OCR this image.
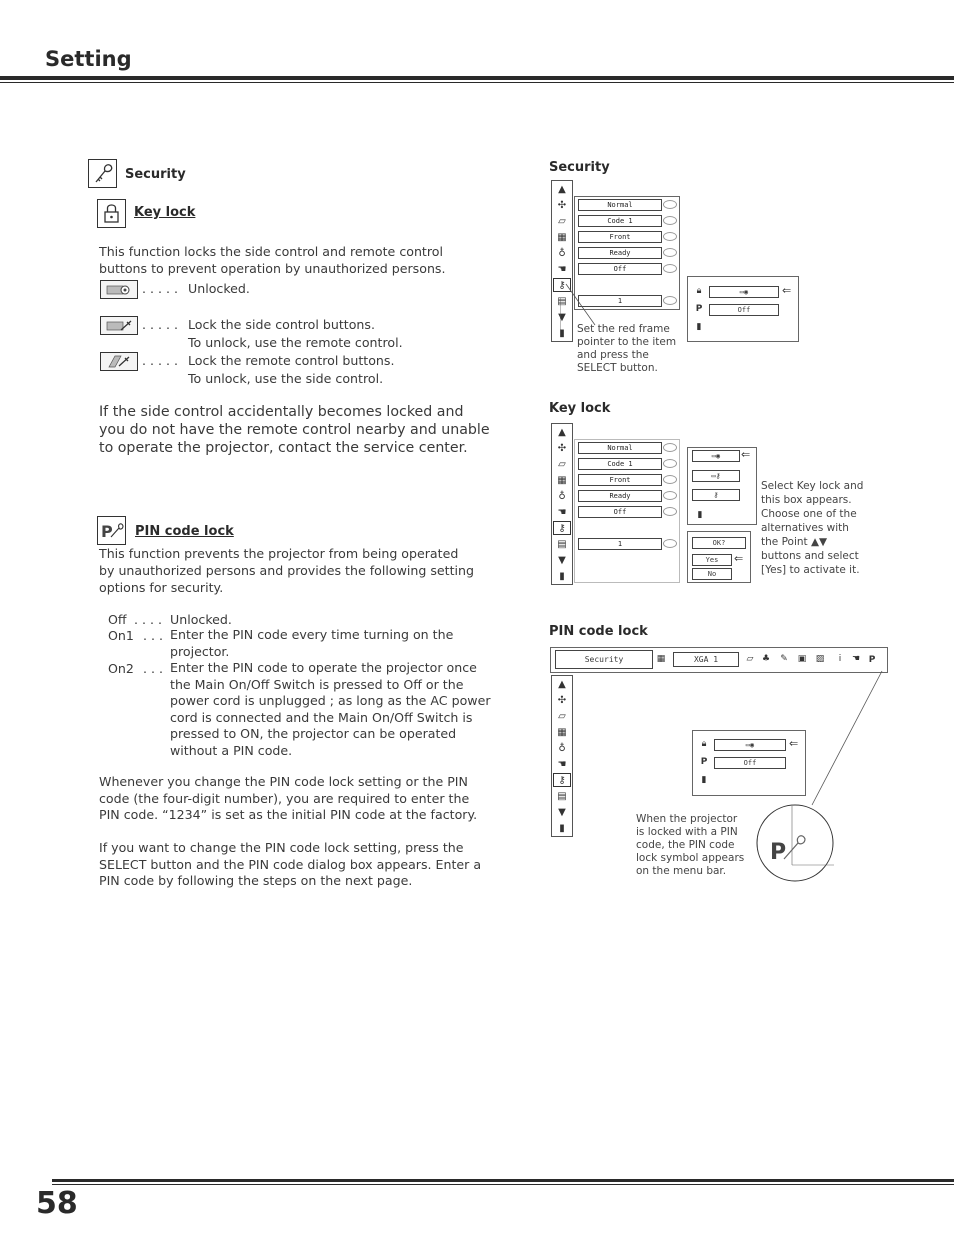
Setting
Security
Key lock
This function locks the side control and remote control buttons to prevent operation by unauthorized persons.
. . . . . Unlocked.
. . . . . Lock the side control buttons.
To unlock, use the remote control.
. . . . . Lock the remote control buttons.
To unlock, use the side control.
If the side control accidentally becomes locked and you do not have the remote control nearby and unable to operate the projector, contact the service center.
P PIN code lock
This function prevents the projector from being operated by unauthorized persons and provides the following setting options for security.
Off . . . . Unlocked.
On1 . . . Enter the PIN code every time turning on the projector.
On2 . . . Enter the PIN code to operate the projector once the Main On/Off Switch is pressed to Off or the power cord is unplugged ; as long as the AC power cord is connected and the Main On/Off Switch is pressed to ON, the projector can be operated without a PIN code.
Whenever you change the PIN code lock setting or the PIN code (the four-digit number), you are required to enter the PIN code. “1234” is set as the initial PIN code at the factory.
If you want to change the PIN code lock setting, press the SELECT button and the PIN code dialog box appears. Enter a PIN code by following the steps on the next page.
Security
▲
✣
▱
▦
♁
☚
⚷
▤
▼
▮
Normal
Code 1
Front
Ready
Off
1
🔒︎	▭◉	⇐
P	Off
▮
Set the red frame pointer to the item and press the SELECT button.
Key lock
▲
✣
▱
▦
♁
☚
⚷
▤
▼
▮
Normal
Code 1
Front
Ready
Off
1
▭◉	⇐
▭⚷
⚷
▮
OK?
Yes	⇐
No
Select Key lock and this box appears. Choose one of the alternatives with the Point ▲▼ buttons and select [Yes] to activate it.
PIN code lock
Security	▦	XGA 1	▱ ♣ ✎ ▣ ▨	i	☚ P
▲
✣
▱
▦
♁
☚
⚷
▤
▼
▮
🔒︎	▭◉	⇐
P	Off
▮
P
When the projector is locked with a PIN code, the PIN code lock symbol appears on the menu bar.
58
